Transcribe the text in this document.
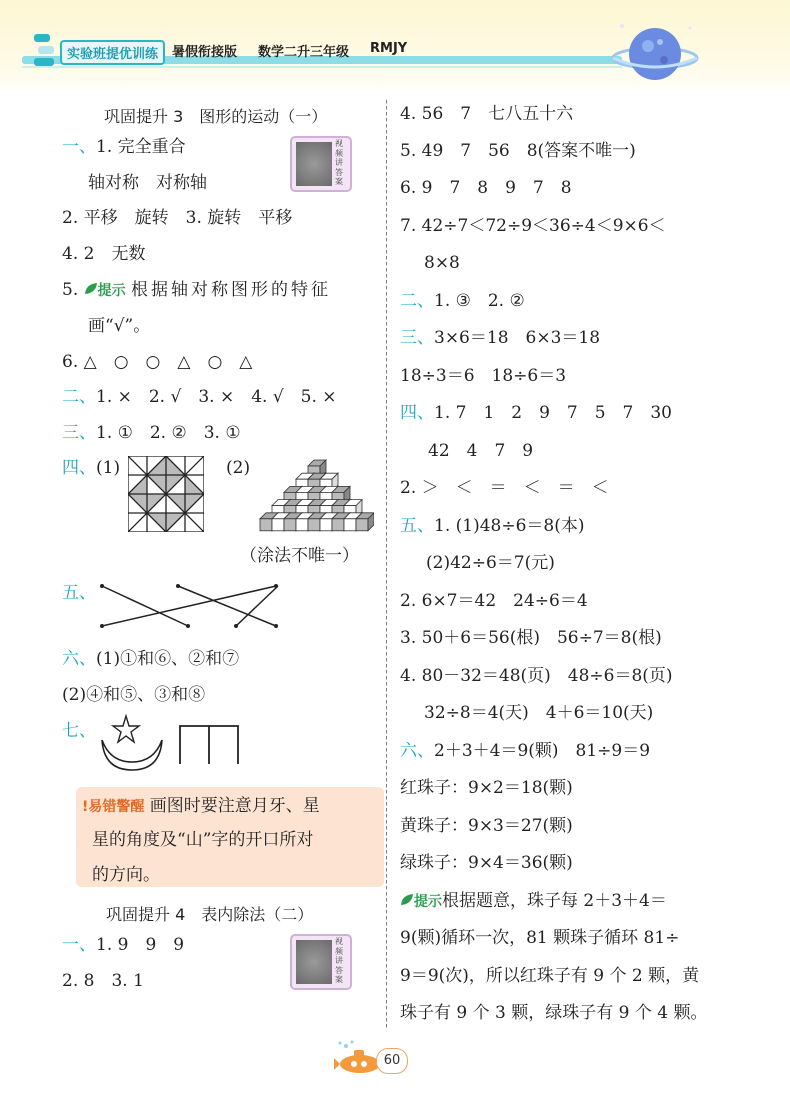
实验班提优训练	暑假衔接版 数学二升三年级 RMJY
巩固提升 3　图形的运动（一）
视频讲答案
一、1. 完全重合
轴对称　对称轴
2. 平移　旋转　3. 旋转　平移
4. 2　无数
5. 提示 根据轴对称图形的特征
画“√”。
6. △　○　○　△　○　△
二、1. ×　2. √　3. ×　4. √　5. ×
三、1. ①　2. ②　3. ①
四、(1)	(2)
（涂法不唯一）
五、
六、(1)①和⑥、②和⑦
(2)④和⑤、③和⑧
七、
!易错警醒 画图时要注意月牙、星
星的角度及“山”字的开口所对
的方向。
巩固提升 4　表内除法（二）
视频讲答案
一、1. 9　9　9
2. 8　3. 1
4. 56　7　七八五十六
5. 49　7　56　8(答案不唯一)
6. 9　7　8　9　7　8
7. 42÷7＜72÷9＜36÷4＜9×6＜
8×8
二、1. ③　2. ②
三、3×6＝18　6×3＝18
18÷3＝6　18÷6＝3
四、1. 7　1　2　9　7　5　7　30
42　4　7　9
2. ＞　＜　＝　＜　＝　＜
五、1. (1)48÷6＝8(本)
(2)42÷6＝7(元)
2. 6×7＝42　24÷6＝4
3. 50＋6＝56(根)　56÷7＝8(根)
4. 80－32＝48(页)　48÷6＝8(页)
32÷8＝4(天)　4＋6＝10(天)
六、2＋3＋4＝9(颗)　81÷9＝9
红珠子：9×2＝18(颗)
黄珠子：9×3＝27(颗)
绿珠子：9×4＝36(颗)
提示根据题意，珠子每 2＋3＋4＝
9(颗)循环一次，81 颗珠子循环 81÷
9＝9(次)，所以红珠子有 9 个 2 颗，黄
珠子有 9 个 3 颗，绿珠子有 9 个 4 颗。
60
